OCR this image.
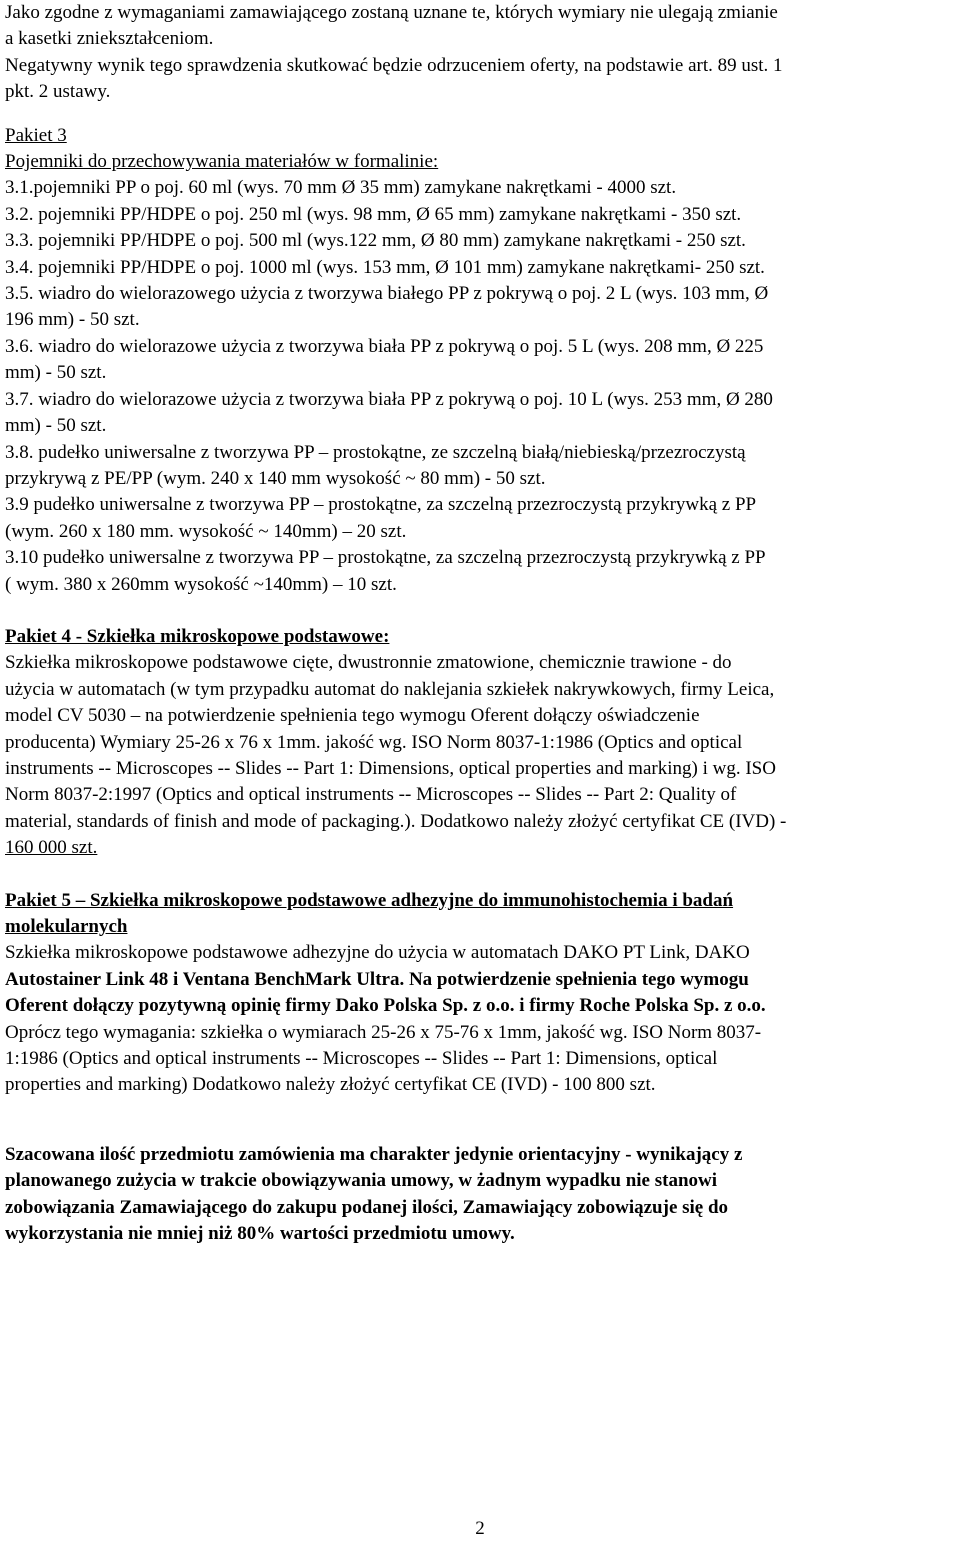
Jako zgodne z wymaganiami zamawiającego zostaną uznane te, których wymiary nie ulegają zmianie

a kasetki zniekształceniom.

Negatywny wynik tego sprawdzenia skutkować będzie odrzuceniem oferty, na podstawie art. 89 ust. 1

pkt. 2 ustawy.

Pakiet 3

Pojemniki do przechowywania materiałów w formalinie:

3.1.pojemniki PP o poj. 60 ml (wys. 70 mm Ø 35 mm) zamykane nakrętkami - 4000 szt.

3.2. pojemniki PP/HDPE o poj. 250 ml (wys. 98 mm, Ø 65 mm) zamykane nakrętkami - 350 szt.

3.3. pojemniki PP/HDPE o poj. 500 ml (wys.122 mm, Ø 80 mm) zamykane nakrętkami - 250 szt.

3.4. pojemniki PP/HDPE o poj. 1000 ml (wys. 153 mm, Ø 101 mm) zamykane nakrętkami- 250 szt.

3.5. wiadro do wielorazowego użycia z tworzywa białego PP z pokrywą o poj. 2 L (wys. 103 mm, Ø

196 mm) - 50 szt.

3.6. wiadro do wielorazowe użycia z tworzywa biała PP z pokrywą o poj. 5 L (wys. 208 mm, Ø 225

mm) - 50 szt.

3.7. wiadro do wielorazowe użycia z tworzywa biała PP z pokrywą o poj. 10 L (wys. 253 mm, Ø 280

mm) - 50 szt.

3.8. pudełko uniwersalne z tworzywa PP – prostokątne, ze szczelną białą/niebieską/przezroczystą

przykrywą z PE/PP (wym. 240 x 140 mm wysokość ~ 80 mm) - 50 szt.

3.9 pudełko uniwersalne z tworzywa PP – prostokątne, za szczelną przezroczystą przykrywką z PP

(wym. 260 x 180 mm. wysokość ~ 140mm) – 20 szt.

3.10 pudełko uniwersalne z tworzywa PP – prostokątne, za szczelną przezroczystą przykrywką z PP

( wym. 380 x 260mm wysokość ~140mm) – 10 szt.

Pakiet 4 - Szkiełka mikroskopowe podstawowe:

Szkiełka mikroskopowe podstawowe cięte, dwustronnie zmatowione, chemicznie trawione - do

użycia w automatach (w tym przypadku automat do naklejania szkiełek nakrywkowych, firmy Leica,

model CV 5030 – na potwierdzenie spełnienia tego wymogu Oferent dołączy oświadczenie

producenta) Wymiary 25-26 x 76 x 1mm. jakość wg. ISO Norm 8037-1:1986 (Optics and optical

instruments -- Microscopes -- Slides -- Part 1: Dimensions, optical properties and marking) i wg. ISO

Norm 8037-2:1997 (Optics and optical instruments -- Microscopes -- Slides -- Part 2: Quality of

material, standards of finish and mode of packaging.). Dodatkowo należy złożyć certyfikat CE (IVD) -

160 000 szt.

Pakiet 5 – Szkiełka mikroskopowe podstawowe adhezyjne do immunohistochemia i badań

molekularnych

Szkiełka mikroskopowe podstawowe adhezyjne do użycia w automatach DAKO PT Link, DAKO

Autostainer Link 48 i Ventana BenchMark Ultra. Na potwierdzenie spełnienia tego wymogu

Oferent dołączy pozytywną opinię firmy Dako Polska Sp. z o.o. i firmy Roche Polska Sp. z o.o.

Oprócz tego wymagania: szkiełka o wymiarach 25-26 x 75-76 x 1mm, jakość wg. ISO Norm 8037-

1:1986 (Optics and optical instruments -- Microscopes -- Slides -- Part 1: Dimensions, optical

properties and marking) Dodatkowo należy złożyć certyfikat CE (IVD) - 100 800 szt.

Szacowana ilość przedmiotu zamówienia ma charakter jedynie orientacyjny - wynikający z

planowanego zużycia w trakcie obowiązywania umowy, w żadnym wypadku nie stanowi

zobowiązania Zamawiającego do zakupu podanej ilości, Zamawiający zobowiązuje się do

wykorzystania nie mniej niż 80% wartości przedmiotu umowy.

2
